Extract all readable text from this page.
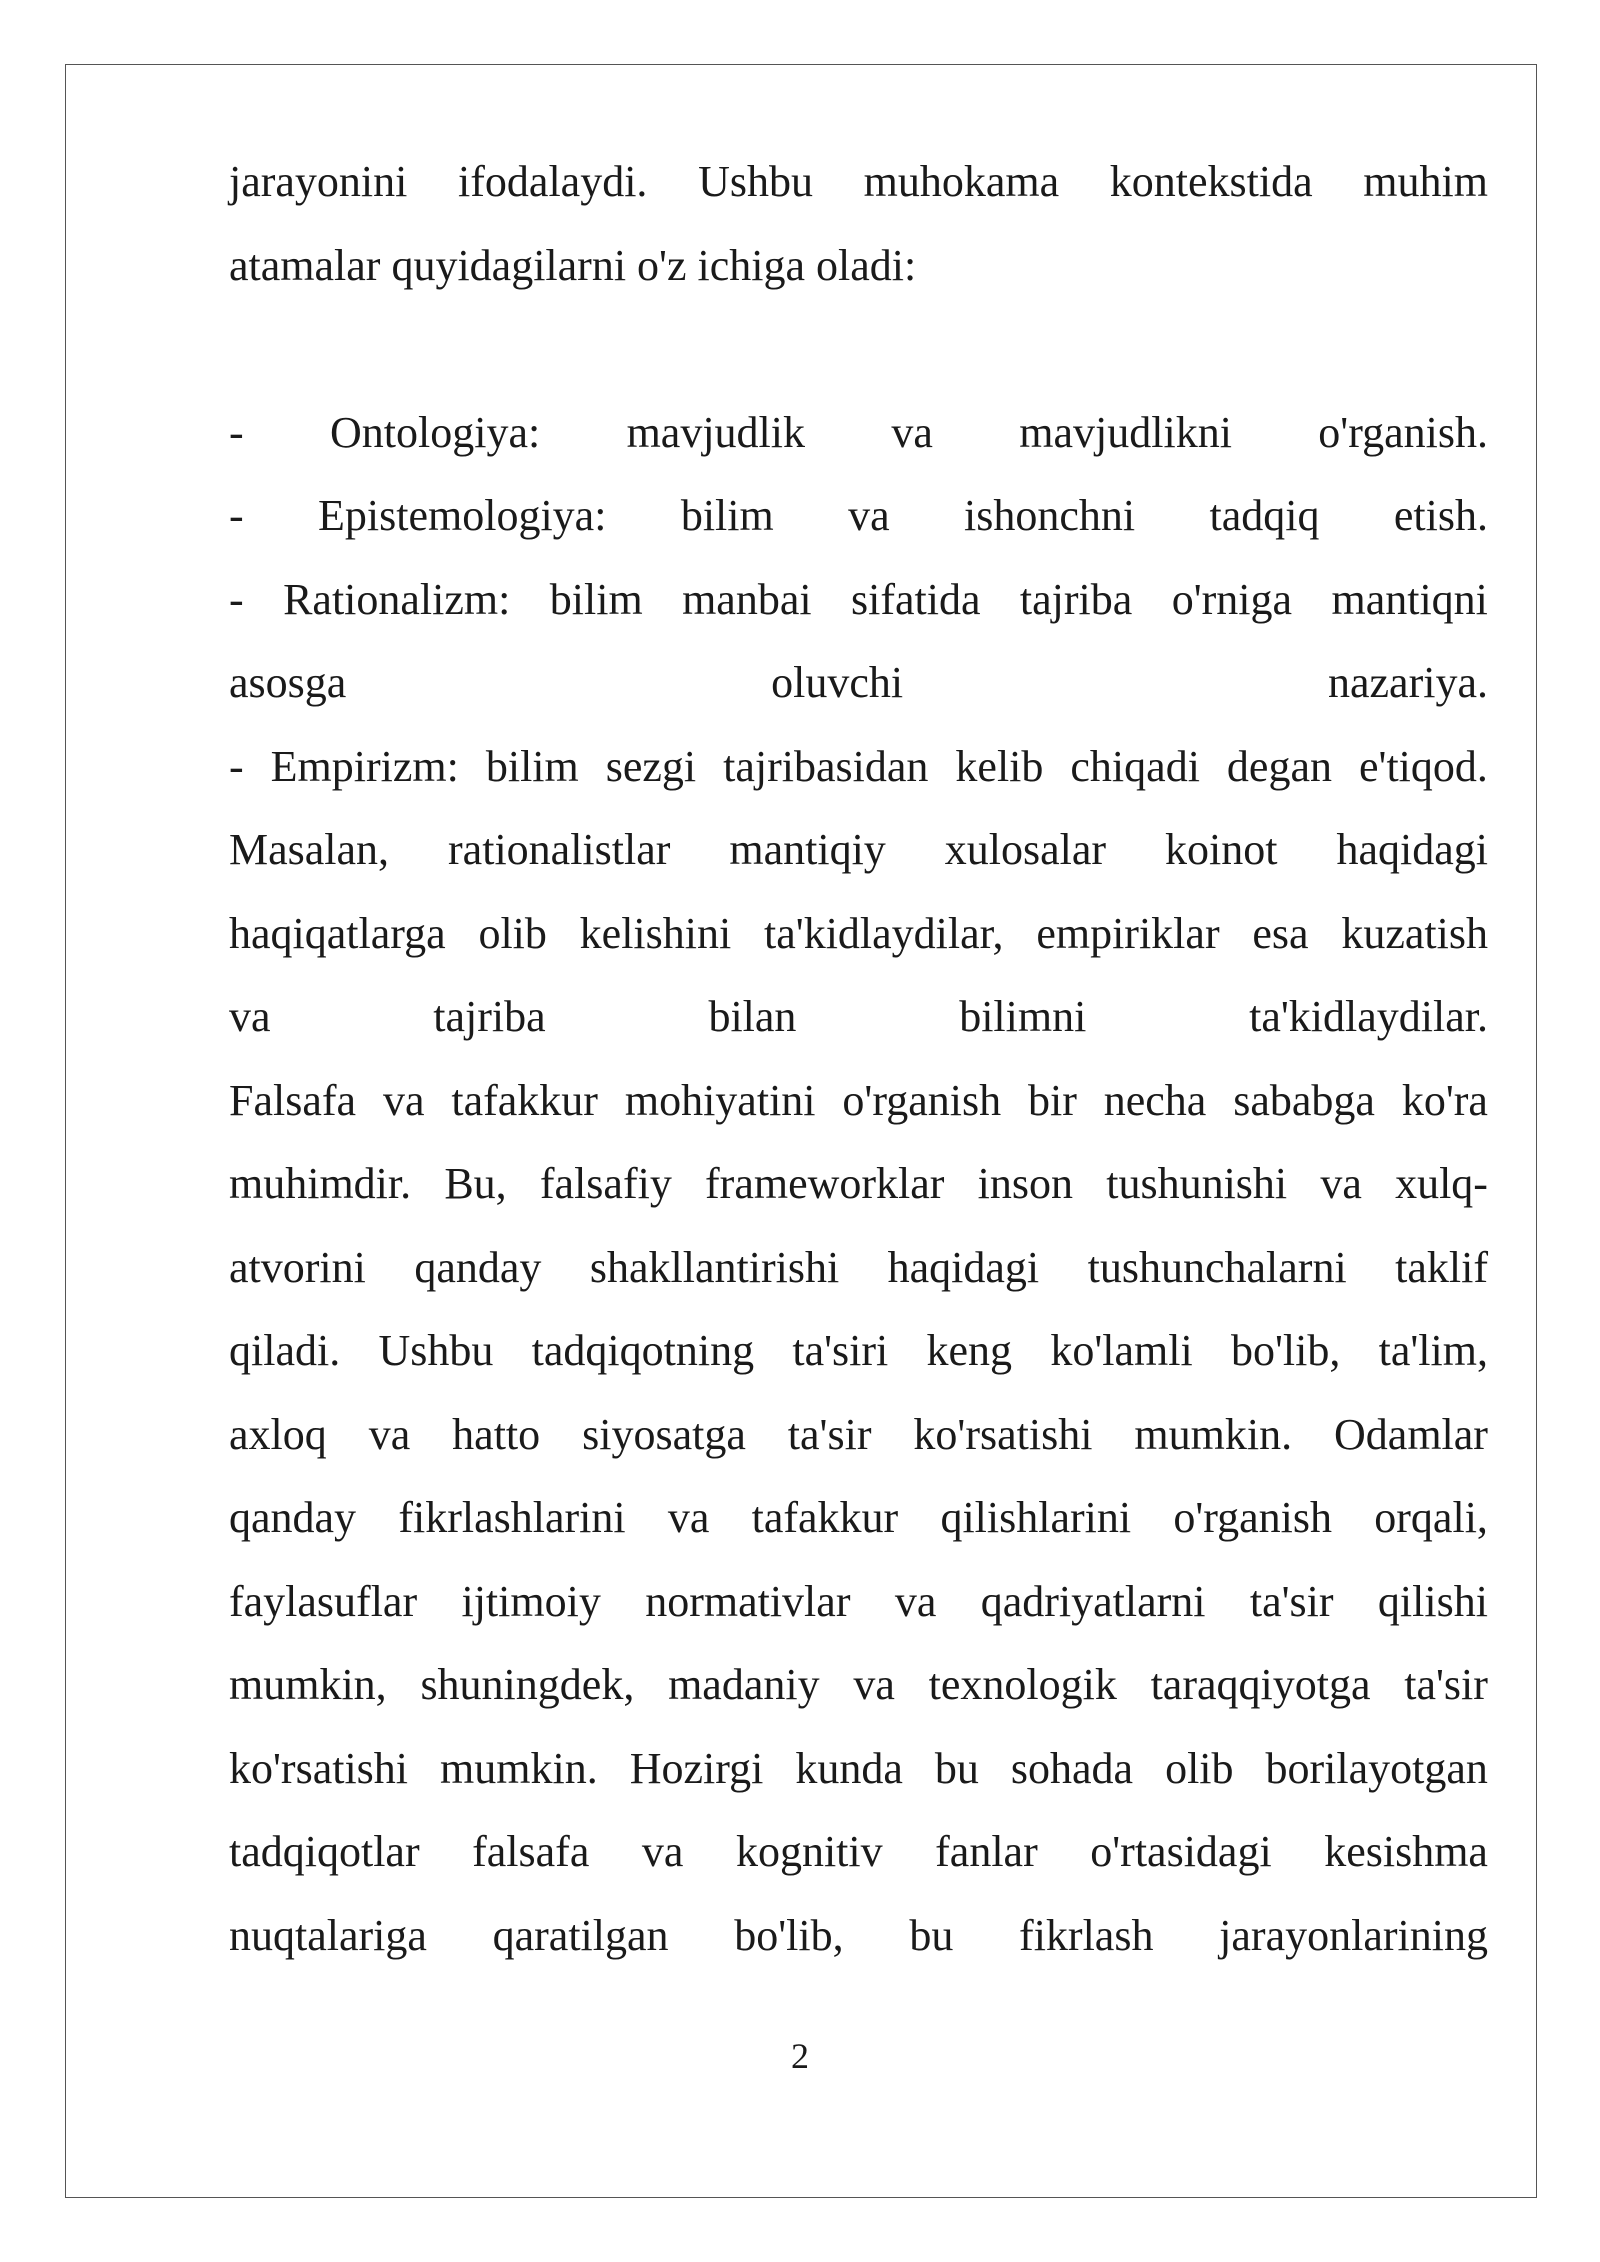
jarayonini ifodalaydi. Ushbu muhokama kontekstida muhim
atamalar quyidagilarni o'z ichiga oladi:
- Ontologiya: mavjudlik va mavjudlikni o'rganish.
- Epistemologiya: bilim va ishonchni tadqiq etish.
- Rationalizm: bilim manbai sifatida tajriba o'rniga mantiqni
asosga	oluvchi	nazariya.
- Empirizm: bilim sezgi tajribasidan kelib chiqadi degan e'tiqod.
Masalan, rationalistlar mantiqiy xulosalar koinot haqidagi
haqiqatlarga olib kelishini ta'kidlaydilar, empiriklar esa kuzatish
va	tajriba	bilan	bilimni	ta'kidlaydilar.
Falsafa va tafakkur mohiyatini o'rganish bir necha sababga ko'ra
muhimdir. Bu, falsafiy frameworklar inson tushunishi va xulq-
atvorini qanday shakllantirishi haqidagi tushunchalarni taklif
qiladi. Ushbu tadqiqotning ta'siri keng ko'lamli bo'lib, ta'lim,
axloq va hatto siyosatga ta'sir ko'rsatishi mumkin. Odamlar
qanday fikrlashlarini va tafakkur qilishlarini o'rganish orqali,
faylasuflar ijtimoiy normativlar va qadriyatlarni ta'sir qilishi
mumkin, shuningdek, madaniy va texnologik taraqqiyotga ta'sir
ko'rsatishi mumkin. Hozirgi kunda bu sohada olib borilayotgan
tadqiqotlar falsafa va kognitiv fanlar o'rtasidagi kesishma
nuqtalariga qaratilgan bo'lib, bu fikrlash jarayonlarining
2
